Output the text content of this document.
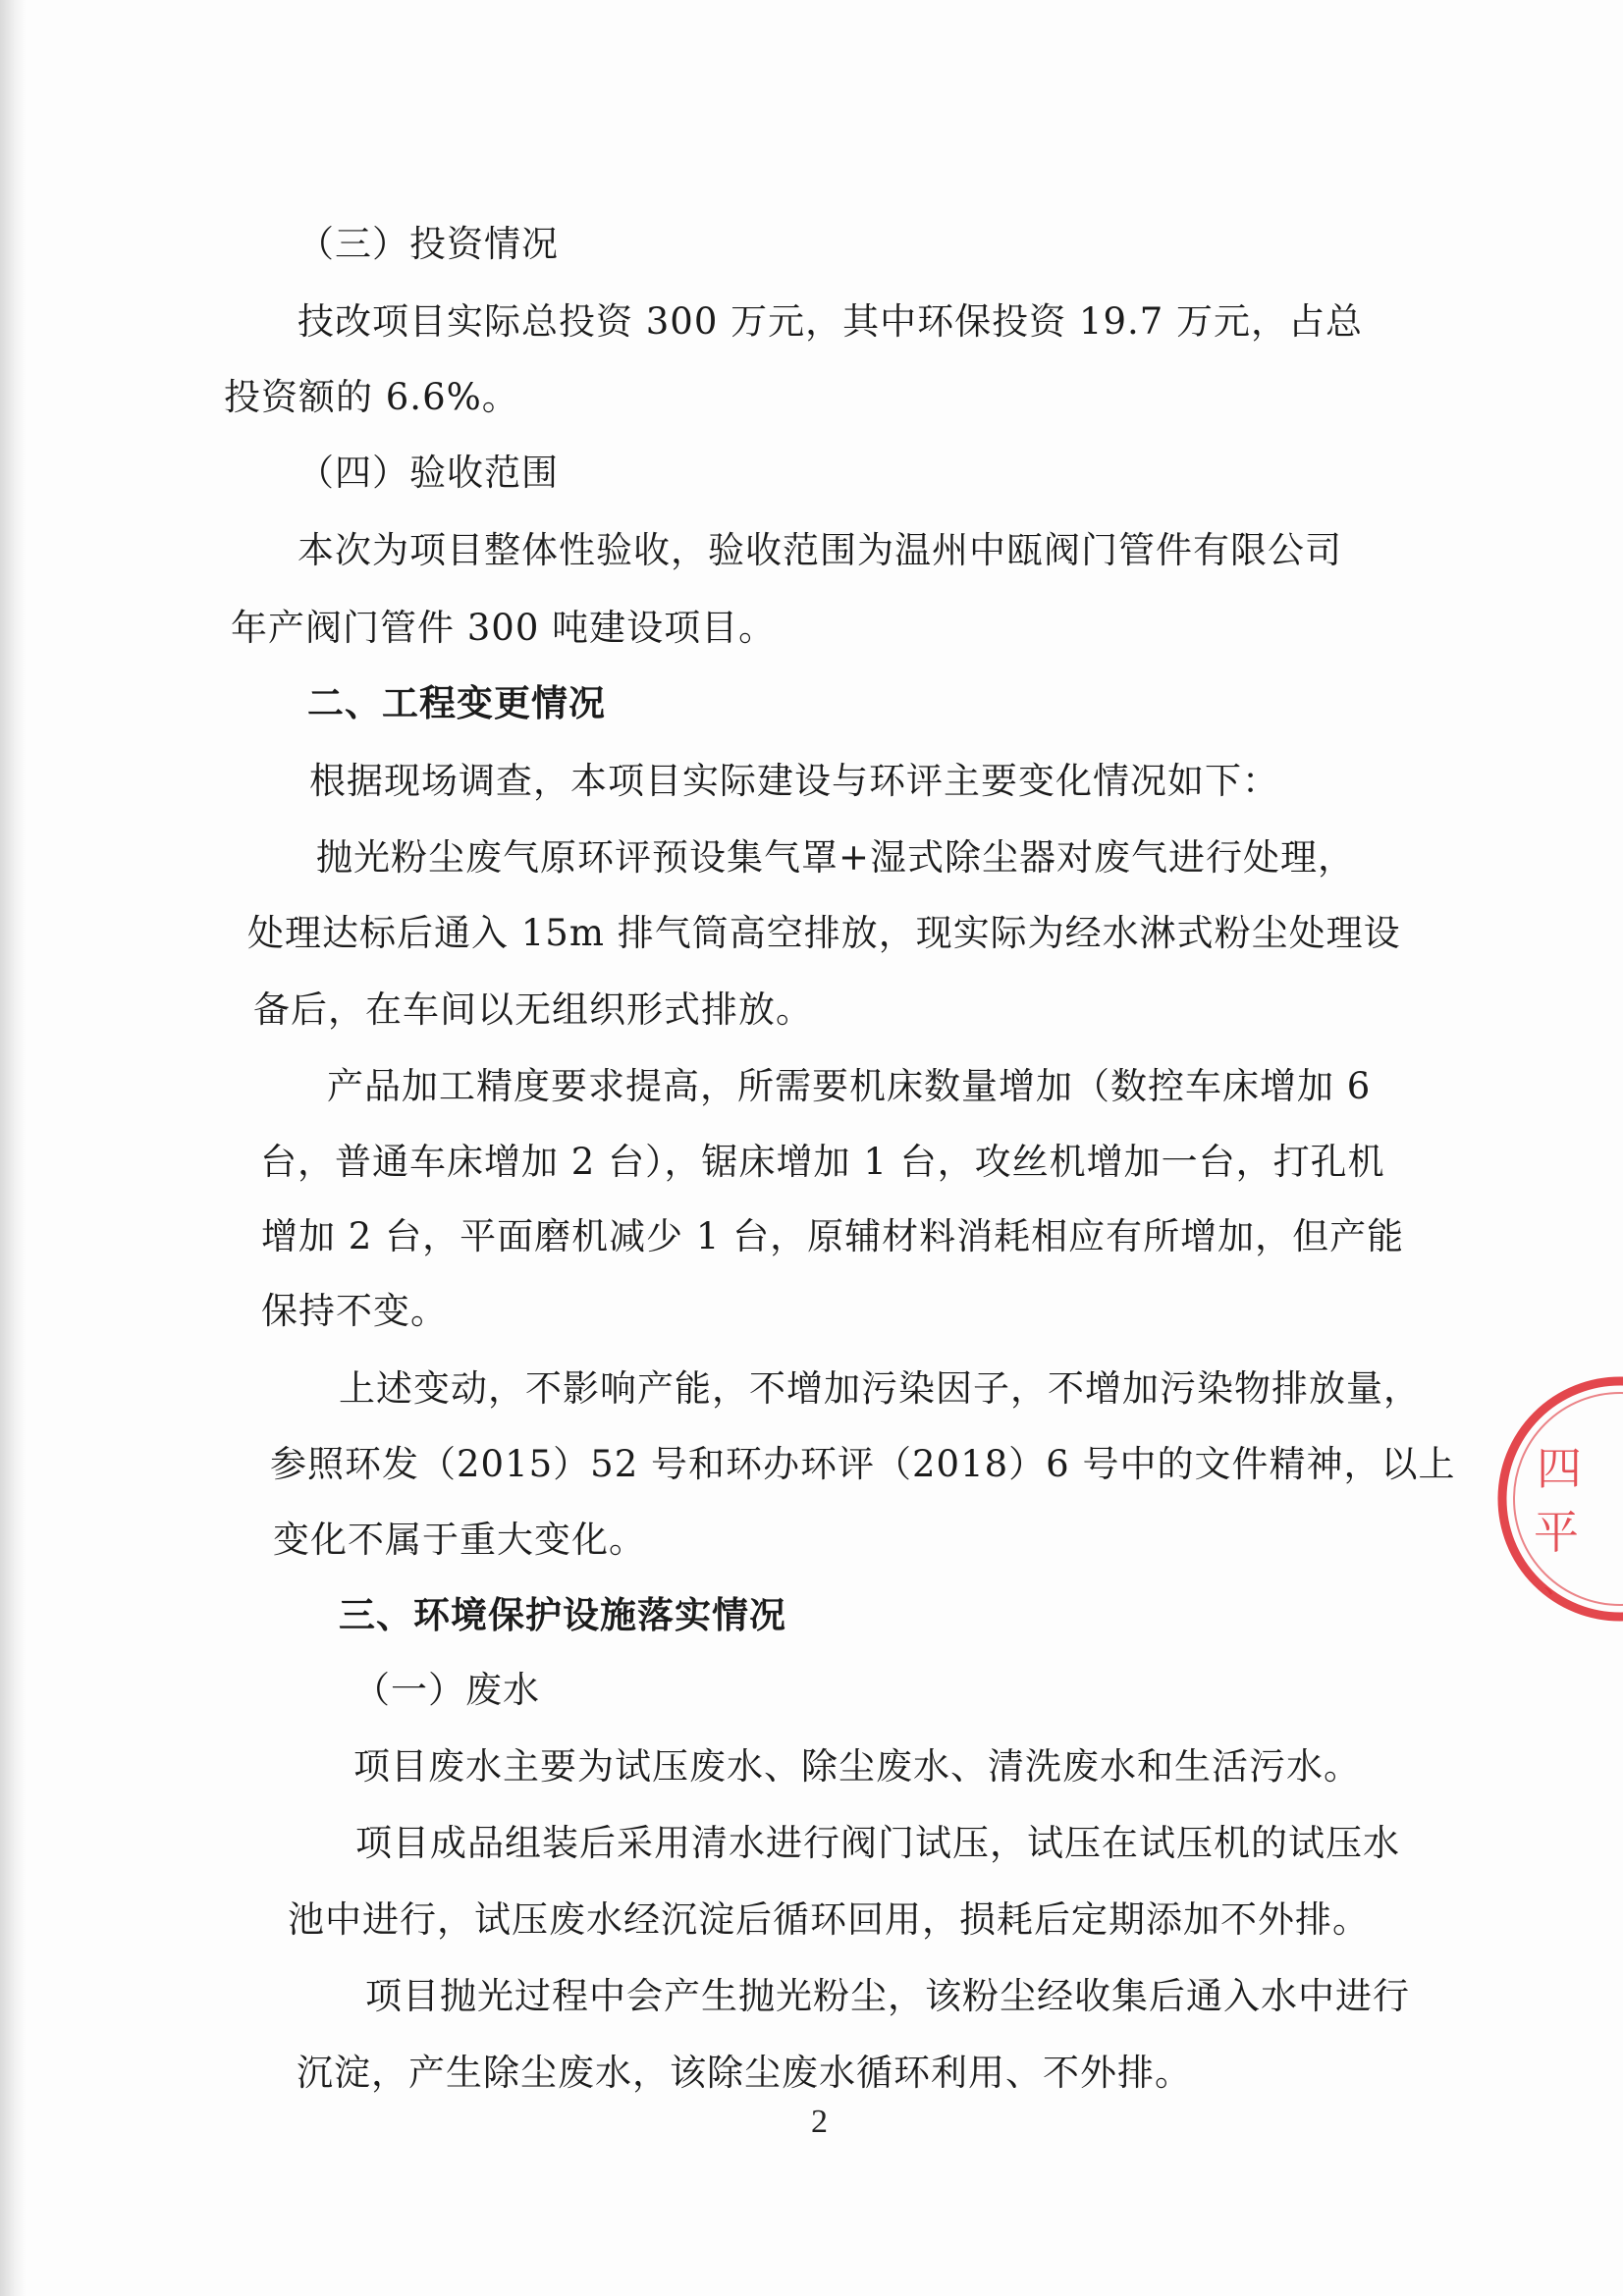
（三）投资情况
技改项目实际总投资 300 万元，其中环保投资 19.7 万元，占总
投资额的 6.6%。
（四）验收范围
本次为项目整体性验收，验收范围为温州中瓯阀门管件有限公司
年产阀门管件 300 吨建设项目。
二、工程变更情况
根据现场调查，本项目实际建设与环评主要变化情况如下：
抛光粉尘废气原环评预设集气罩+湿式除尘器对废气进行处理，
处理达标后通入 15m 排气筒高空排放，现实际为经水淋式粉尘处理设
备后，在车间以无组织形式排放。
产品加工精度要求提高，所需要机床数量增加（数控车床增加 6
台，普通车床增加 2 台），锯床增加 1 台，攻丝机增加一台，打孔机
增加 2 台，平面磨机减少 1 台，原辅材料消耗相应有所增加，但产能
保持不变。
上述变动，不影响产能，不增加污染因子，不增加污染物排放量，
参照环发（2015）52 号和环办环评（2018）6 号中的文件精神，以上
变化不属于重大变化。
三、环境保护设施落实情况
（一）废水
项目废水主要为试压废水、除尘废水、清洗废水和生活污水。
项目成品组装后采用清水进行阀门试压，试压在试压机的试压水
池中进行，试压废水经沉淀后循环回用，损耗后定期添加不外排。
项目抛光过程中会产生抛光粉尘，该粉尘经收集后通入水中进行
沉淀，产生除尘废水，该除尘废水循环利用、不外排。
2
四
平
、
